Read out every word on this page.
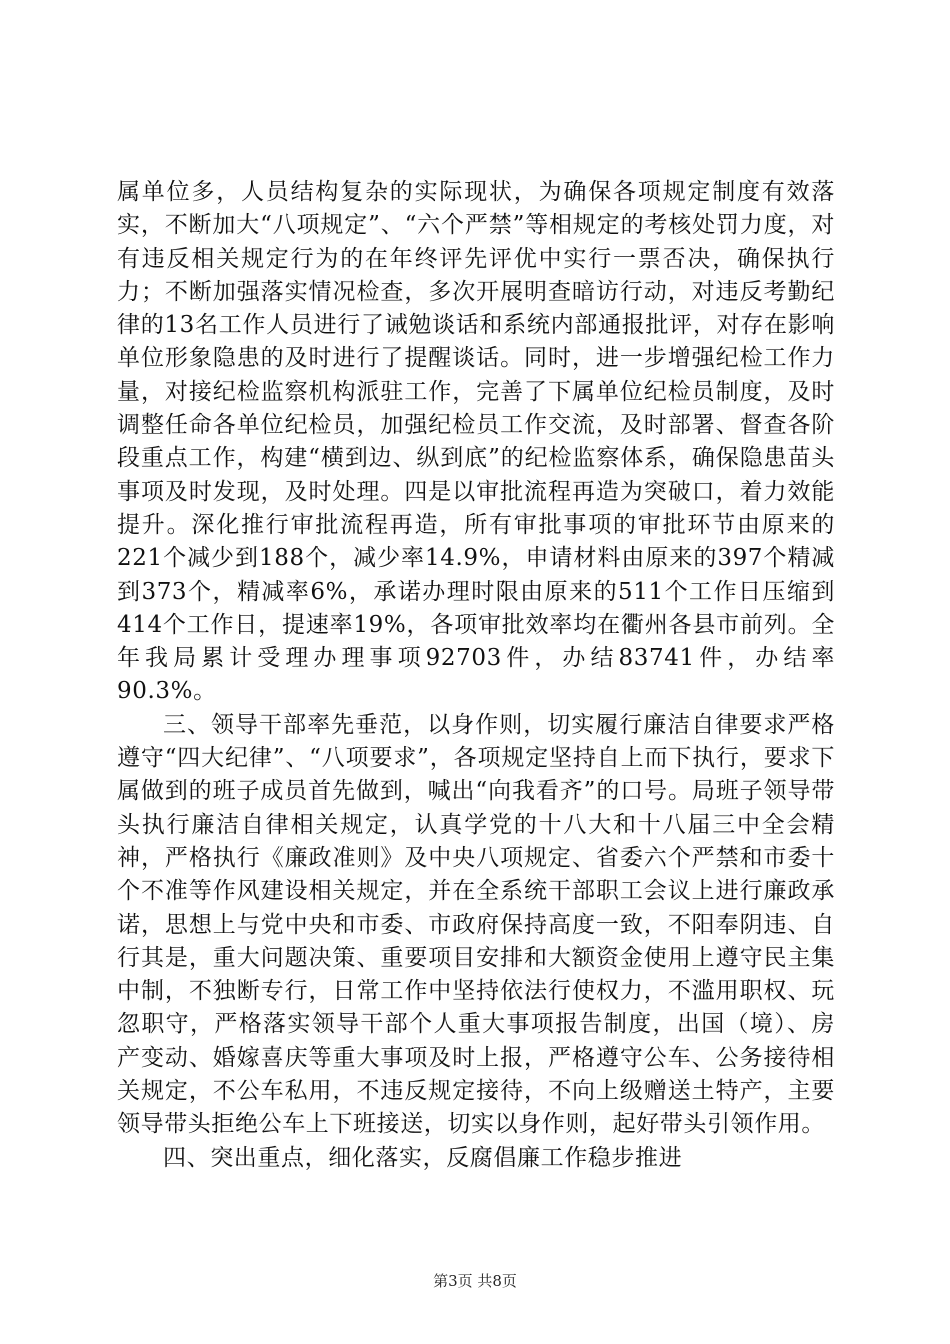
属单位多，人员结构复杂的实际现状，为确保各项规定制度有效落实，不断加大“八项规定”、“六个严禁”等相规定的考核处罚力度，对有违反相关规定行为的在年终评先评优中实行一票否决，确保执行力；不断加强落实情况检查，多次开展明查暗访行动，对违反考勤纪律的13名工作人员进行了诫勉谈话和系统内部通报批评，对存在影响单位形象隐患的及时进行了提醒谈话。同时，进一步增强纪检工作力量，对接纪检监察机构派驻工作，完善了下属单位纪检员制度，及时调整任命各单位纪检员，加强纪检员工作交流，及时部署、督查各阶段重点工作，构建“横到边、纵到底”的纪检监察体系，确保隐患苗头事项及时发现，及时处理。四是以审批流程再造为突破口，着力效能提升。深化推行审批流程再造，所有审批事项的审批环节由原来的221个减少到188个，减少率14.9%，申请材料由原来的397个精减到373个，精减率6%，承诺办理时限由原来的511个工作日压缩到414个工作日，提速率19%，各项审批效率均在衢州各县市前列。全年我局累计受理办理事项92703件，办结83741件，办结率90.3%。

三、领导干部率先垂范，以身作则，切实履行廉洁自律要求严格遵守“四大纪律”、“八项要求”，各项规定坚持自上而下执行，要求下属做到的班子成员首先做到，喊出“向我看齐”的口号。局班子领导带头执行廉洁自律相关规定，认真学党的十八大和十八届三中全会精神，严格执行《廉政准则》及中央八项规定、省委六个严禁和市委十个不准等作风建设相关规定，并在全系统干部职工会议上进行廉政承诺，思想上与党中央和市委、市政府保持高度一致，不阳奉阴违、自行其是，重大问题决策、重要项目安排和大额资金使用上遵守民主集中制，不独断专行，日常工作中坚持依法行使权力，不滥用职权、玩忽职守，严格落实领导干部个人重大事项报告制度，出国（境）、房产变动、婚嫁喜庆等重大事项及时上报，严格遵守公车、公务接待相关规定，不公车私用，不违反规定接待，不向上级赠送土特产，主要领导带头拒绝公车上下班接送，切实以身作则，起好带头引领作用。

四、突出重点，细化落实，反腐倡廉工作稳步推进

第3页 共8页
